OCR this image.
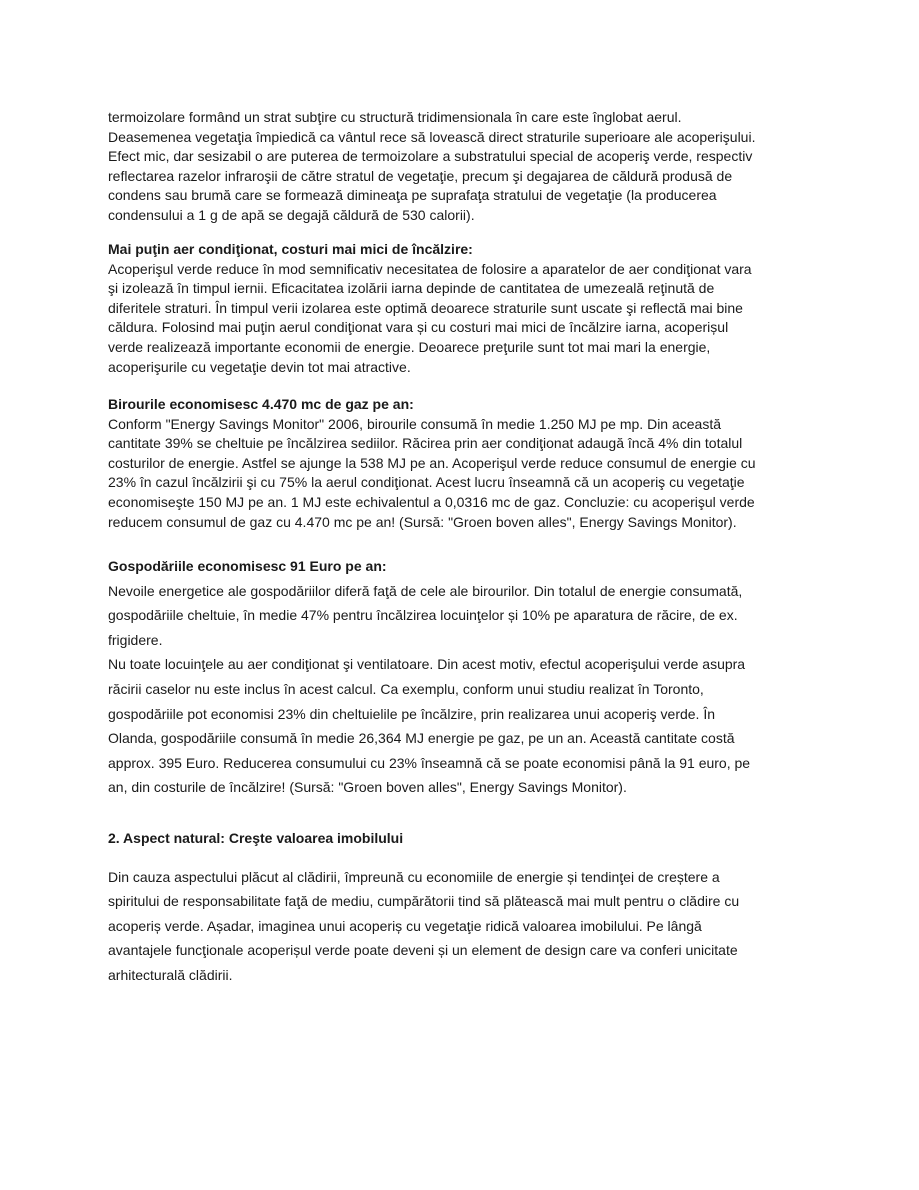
termoizolare formând un strat subţire cu structură tridimensionala în care este înglobat aerul.
Deasemenea vegetaţia împiedică ca vântul rece să lovească direct straturile superioare ale acoperişului.
Efect mic, dar sesizabil o are puterea de termoizolare a substratului special de acoperiş verde, respectiv
reflectarea razelor infraroşii de către stratul de vegetaţie, precum şi degajarea de căldură produsă de
condens sau brumă care se formează dimineaţa pe suprafaţa stratului de vegetaţie (la producerea
condensului a 1 g de apă se degajă căldură de 530 calorii).
Mai puţin aer condiţionat, costuri mai mici de încălzire:
Acoperişul verde reduce în mod semnificativ necesitatea de folosire a aparatelor de aer condiţionat vara
şi izolează în timpul iernii. Eficacitatea izolării iarna depinde de cantitatea de umezeală reţinută de
diferitele straturi. În timpul verii izolarea este optimă deoarece straturile sunt uscate şi reflectă mai bine
căldura. Folosind mai puţin aerul condiţionat vara și cu costuri mai mici de încălzire iarna, acoperișul
verde realizează importante economii de energie. Deoarece preţurile sunt tot mai mari la energie,
acoperişurile cu vegetaţie devin tot mai atractive.
Birourile economisesc 4.470 mc de gaz pe an:
Conform "Energy Savings Monitor" 2006, birourile consumă în medie 1.250 MJ pe mp. Din această
cantitate 39% se cheltuie pe încălzirea sediilor. Răcirea prin aer condiţionat adaugă încă 4% din totalul
costurilor de energie. Astfel se ajunge la 538 MJ pe an. Acoperişul verde reduce consumul de energie cu
23% în cazul încălzirii şi cu 75% la aerul condiţionat. Acest lucru înseamnă că un acoperiş cu vegetaţie
economiseşte 150 MJ pe an. 1 MJ este echivalentul a 0,0316 mc de gaz. Concluzie: cu acoperişul verde
reducem consumul de gaz cu 4.470 mc pe an! (Sursă: "Groen boven alles", Energy Savings Monitor).
Gospodăriile economisesc 91 Euro pe an:
Nevoile energetice ale gospodăriilor diferă faţă de cele ale birourilor. Din totalul de energie consumată,
gospodăriile cheltuie, în medie 47% pentru încălzirea locuinţelor și 10% pe aparatura de răcire, de ex.
frigidere.
Nu toate locuinţele au aer condiţionat şi ventilatoare. Din acest motiv, efectul acoperişului verde asupra
răcirii caselor nu este inclus în acest calcul. Ca exemplu, conform unui studiu realizat în Toronto,
gospodăriile pot economisi 23% din cheltuielile pe încălzire, prin realizarea unui acoperiş verde. În
Olanda, gospodăriile consumă în medie 26,364 MJ energie pe gaz, pe un an. Această cantitate costă
approx. 395 Euro. Reducerea consumului cu 23% înseamnă că se poate economisi până la 91 euro, pe
an, din costurile de încălzire! (Sursă: "Groen boven alles", Energy Savings Monitor).
2. Aspect natural: Creşte valoarea imobilului
Din cauza aspectului plăcut al clădirii, împreună cu economiile de energie și tendinţei de creștere a
spiritului de responsabilitate faţă de mediu, cumpărătorii tind să plătească mai mult pentru o clădire cu
acoperiș verde. Așadar, imaginea unui acoperiș cu vegetaţie ridică valoarea imobilului. Pe lângă
avantajele funcţionale acoperișul verde poate deveni și un element de design care va conferi unicitate
arhitecturală clădirii.
